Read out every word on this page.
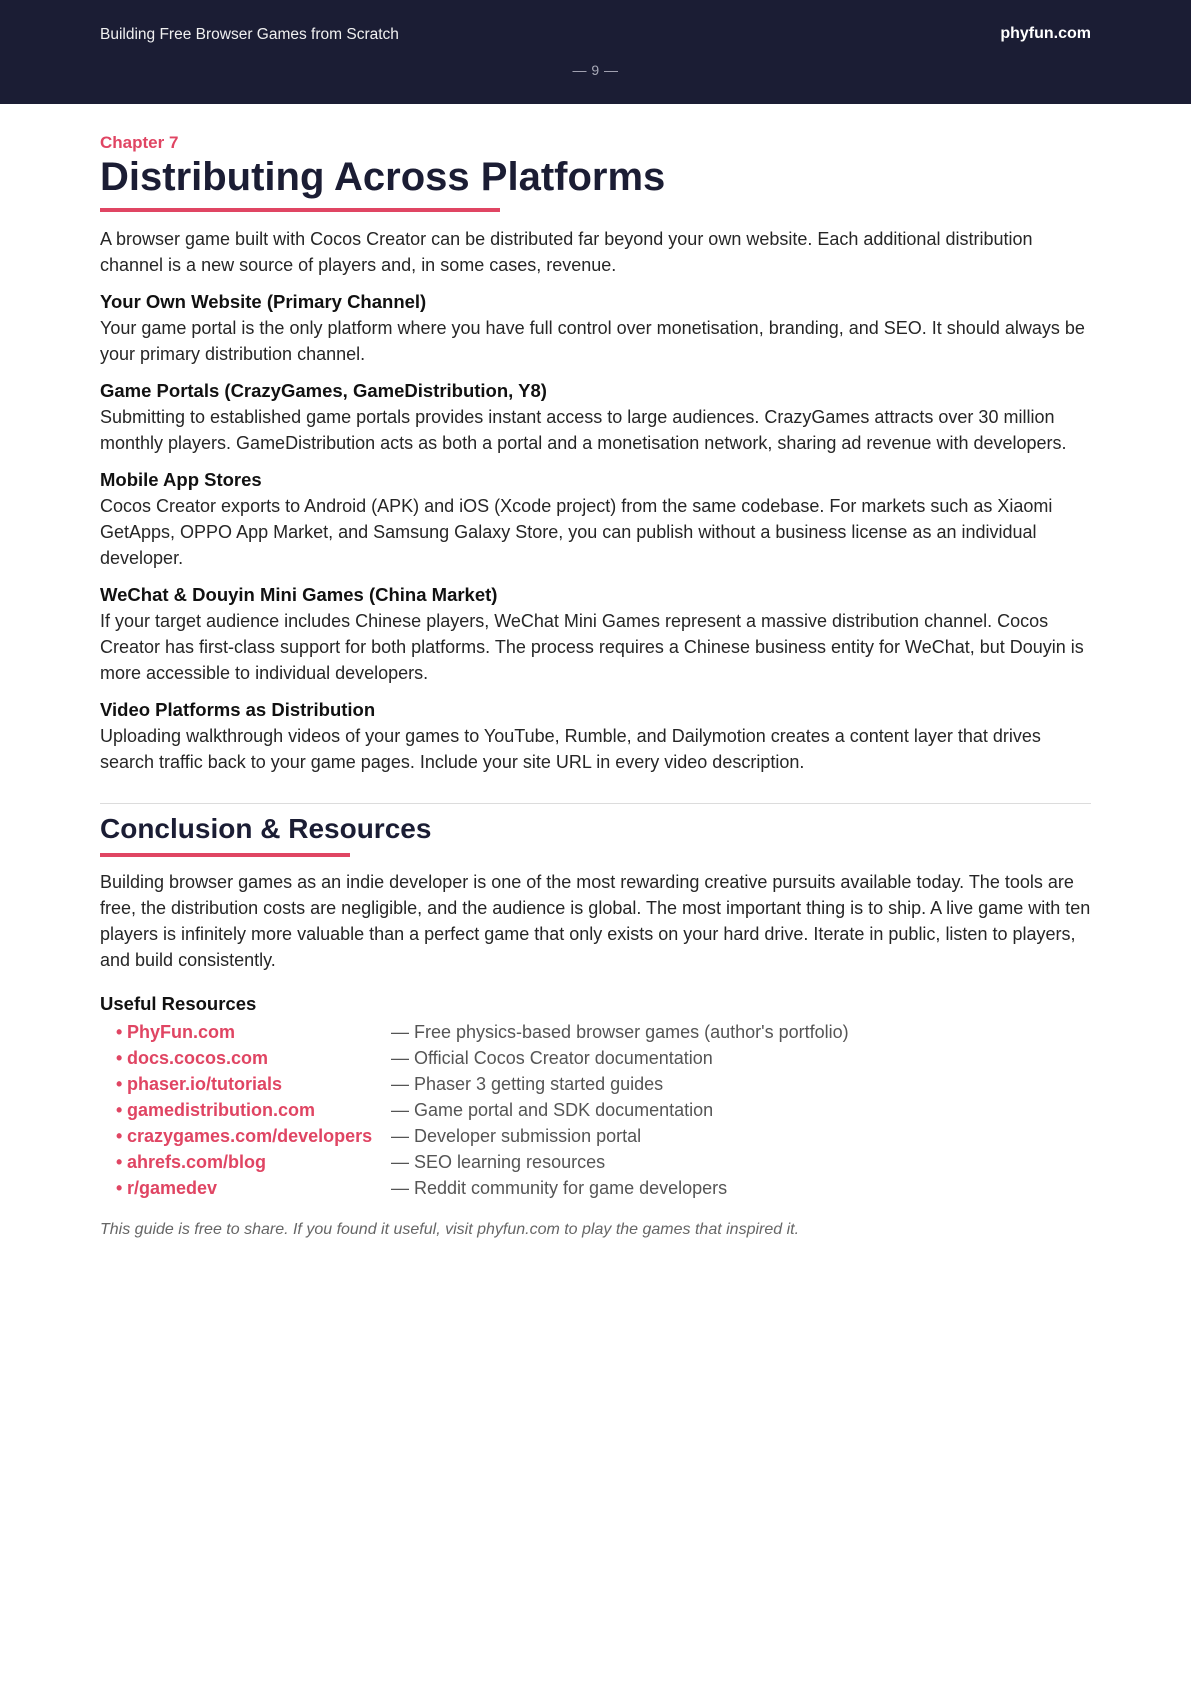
Building Free Browser Games from Scratch	phyfun.com
— 9 —
Chapter 7
Distributing Across Platforms

A browser game built with Cocos Creator can be distributed far beyond your own website. Each additional distribution channel is a new source of players and, in some cases, revenue.

Your Own Website (Primary Channel)

Your game portal is the only platform where you have full control over monetisation, branding, and SEO. It should always be your primary distribution channel.

Game Portals (CrazyGames, GameDistribution, Y8)

Submitting to established game portals provides instant access to large audiences. CrazyGames attracts over 30 million monthly players. GameDistribution acts as both a portal and a monetisation network, sharing ad revenue with developers.

Mobile App Stores

Cocos Creator exports to Android (APK) and iOS (Xcode project) from the same codebase. For markets such as Xiaomi GetApps, OPPO App Market, and Samsung Galaxy Store, you can publish without a business license as an individual developer.

WeChat & Douyin Mini Games (China Market)

If your target audience includes Chinese players, WeChat Mini Games represent a massive distribution channel. Cocos Creator has first-class support for both platforms. The process requires a Chinese business entity for WeChat, but Douyin is more accessible to individual developers.

Video Platforms as Distribution

Uploading walkthrough videos of your games to YouTube, Rumble, and Dailymotion creates a content layer that drives search traffic back to your game pages. Include your site URL in every video description.

Conclusion & Resources

Building browser games as an indie developer is one of the most rewarding creative pursuits available today. The tools are free, the distribution costs are negligible, and the audience is global. The most important thing is to ship. A live game with ten players is infinitely more valuable than a perfect game that only exists on your hard drive. Iterate in public, listen to players, and build consistently.

Useful Resources
• PhyFun.com	— Free physics-based browser games (author's portfolio)
• docs.cocos.com	— Official Cocos Creator documentation
• phaser.io/tutorials	— Phaser 3 getting started guides
• gamedistribution.com	— Game portal and SDK documentation
• crazygames.com/developers	— Developer submission portal
• ahrefs.com/blog	— SEO learning resources
• r/gamedev	— Reddit community for game developers

This guide is free to share. If you found it useful, visit phyfun.com to play the games that inspired it.
